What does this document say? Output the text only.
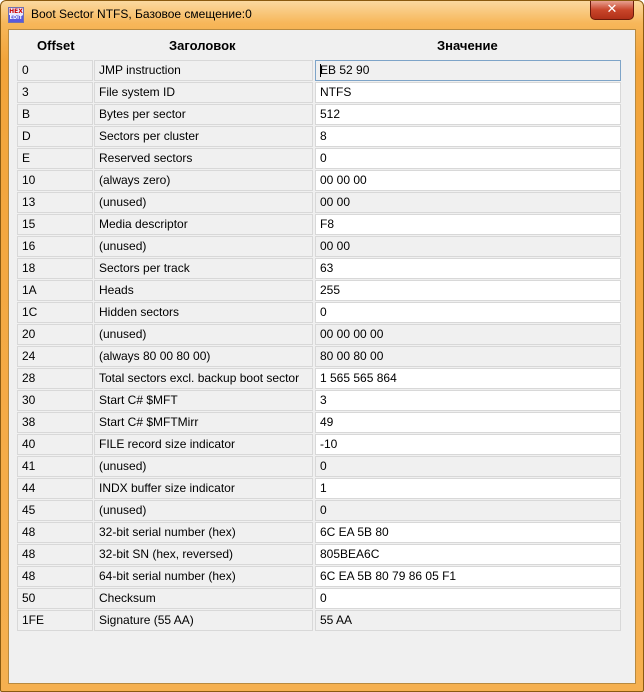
HEX
EDIT Boot Sector NTFS, Базовое смещение:0	✕
Offset	Заголовок	Значение
0	JMP instruction	EB 52 90
3	File system ID	NTFS
B	Bytes per sector	512
D	Sectors per cluster	8
E	Reserved sectors	0
10	(always zero)	00 00 00
13	(unused)	00 00
15	Media descriptor	F8
16	(unused)	00 00
18	Sectors per track	63
1A	Heads	255
1C	Hidden sectors	0
20	(unused)	00 00 00 00
24	(always 80 00 80 00)	80 00 80 00
28	Total sectors excl. backup boot sector	1 565 565 864
30	Start C# $MFT	3
38	Start C# $MFTMirr	49
40	FILE record size indicator	-10
41	(unused)	0
44	INDX buffer size indicator	1
45	(unused)	0
48	32-bit serial number (hex)	6C EA 5B 80
48	32-bit SN (hex, reversed)	805BEA6C
48	64-bit serial number (hex)	6C EA 5B 80 79 86 05 F1
50	Checksum	0
1FE	Signature (55 AA)	55 AA
